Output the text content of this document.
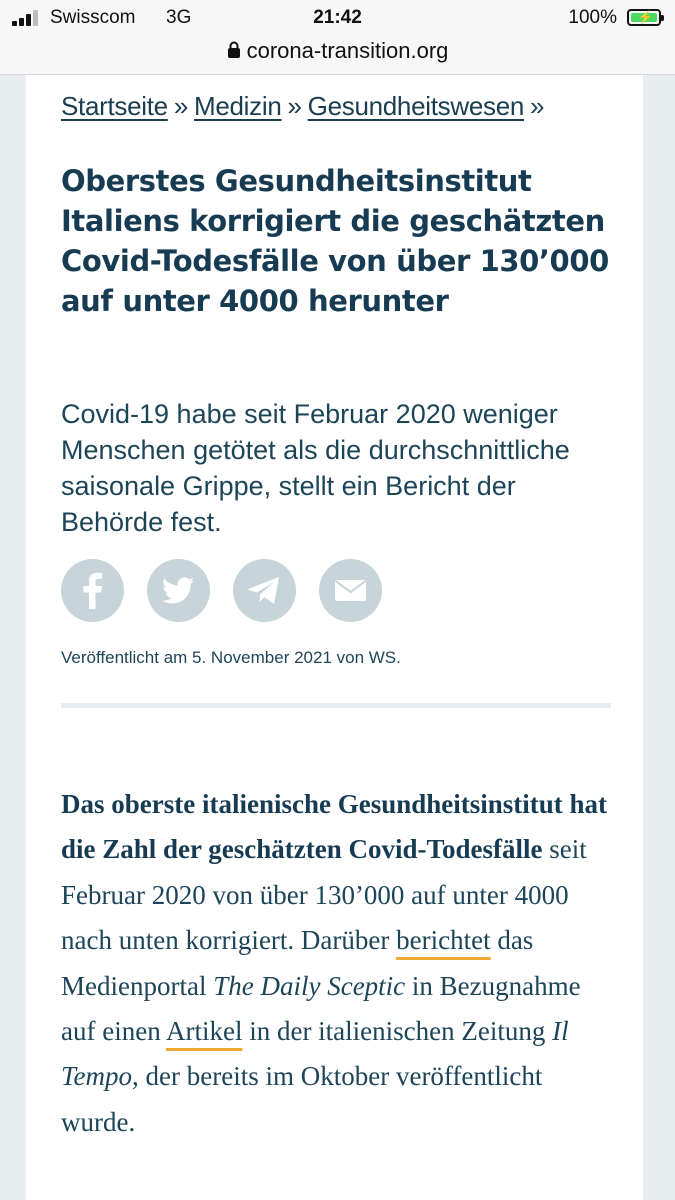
Swisscom 3G	21:42	100% ⚡
corona-transition.org
Startseite » Medizin » Gesundheitswesen »
Oberstes Gesundheitsinstitut Italiens korrigiert die geschätzten Covid-Todesfälle von über 130’000 auf unter 4000 herunter

Covid-19 habe seit Februar 2020 weniger Menschen getötet als die durchschnittliche saisonale Grippe, stellt ein Bericht der Behörde fest.

Veröffentlicht am 5. November 2021 von WS.

Das oberste italienische Gesundheitsinstitut hat die Zahl der geschätzten Covid-Todesfälle seit Februar 2020 von über 130’000 auf unter 4000 nach unten korrigiert. Darüber berichtet das Medienportal The Daily Sceptic in Bezugnahme auf einen Artikel in der italienischen Zeitung Il Tempo, der bereits im Oktober veröffentlicht wurde.
